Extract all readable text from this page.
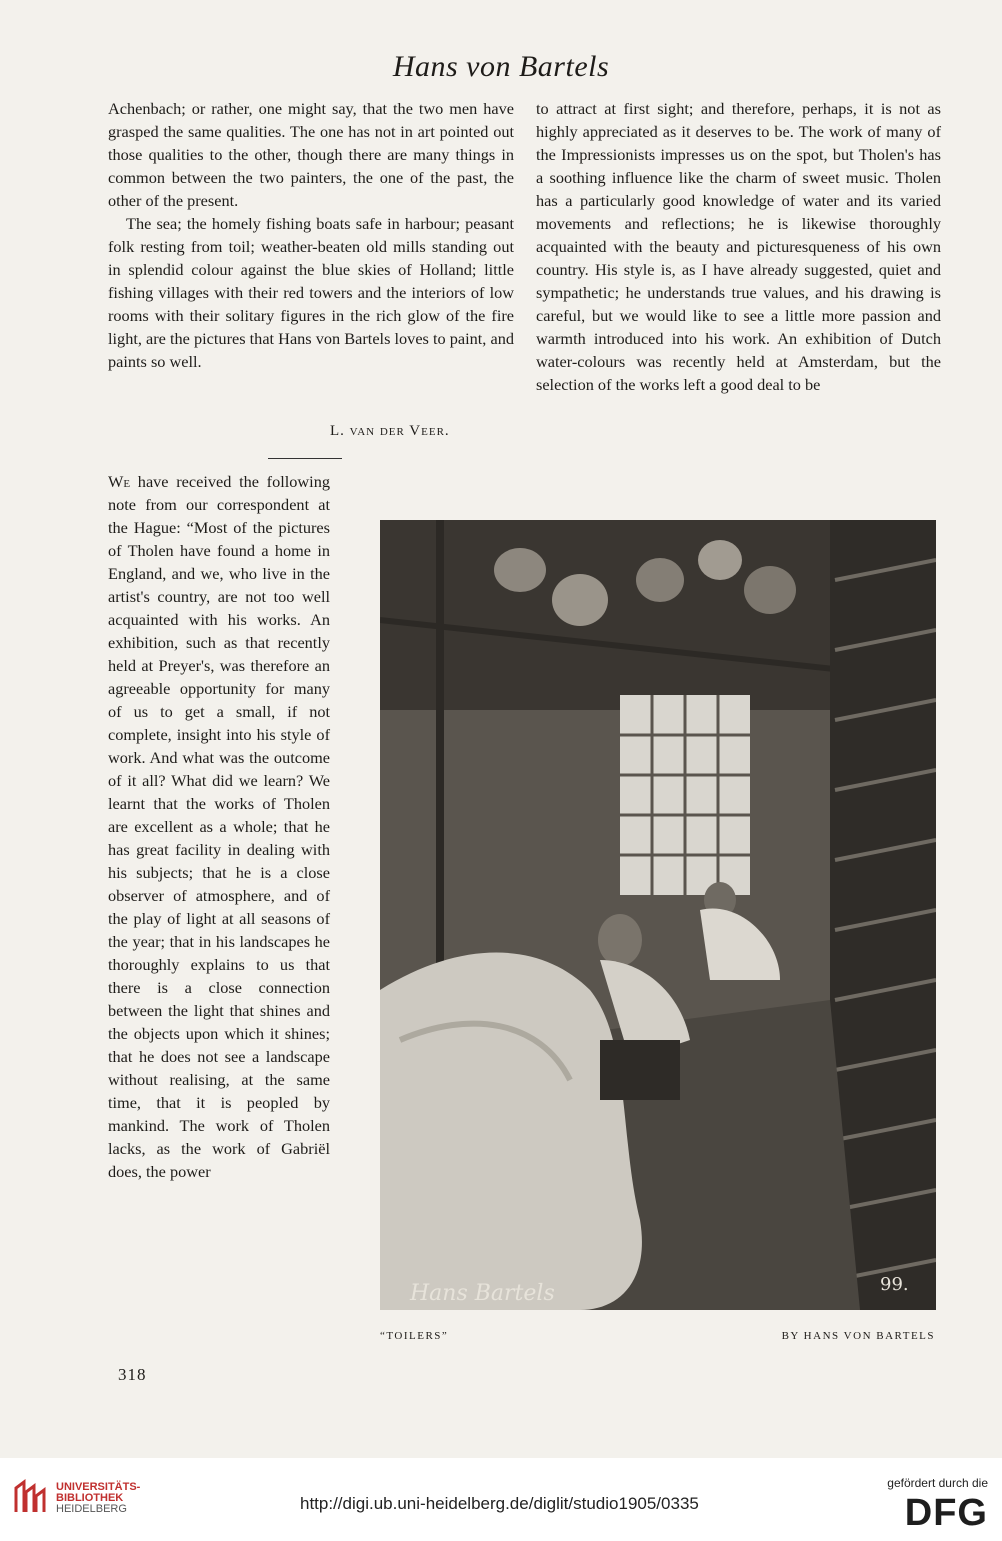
Hans von Bartels

Achenbach; or rather, one might say, that the two men have grasped the same qualities. The one has not in art pointed out those qualities to the other, though there are many things in common between the two painters, the one of the past, the other of the present.

The sea; the homely fishing boats safe in harbour; peasant folk resting from toil; weather-beaten old mills standing out in splendid colour against the blue skies of Holland; little fishing villages with their red towers and the interiors of low rooms with their solitary figures in the rich glow of the fire light, are the pictures that Hans von Bartels loves to paint, and paints so well.

L. van der Veer.

to attract at first sight; and therefore, perhaps, it is not as highly appreciated as it deserves to be. The work of many of the Impressionists impresses us on the spot, but Tholen's has a soothing influence like the charm of sweet music. Tholen has a particularly good knowledge of water and its varied movements and reflections; he is likewise thoroughly acquainted with the beauty and picturesqueness of his own country. His style is, as I have already suggested, quiet and sympathetic; he understands true values, and his drawing is careful, but we would like to see a little more passion and warmth introduced into his work. An exhibition of Dutch water-colours was recently held at Amsterdam, but the selection of the works left a good deal to be

We have received the following note from our correspondent at the Hague: “Most of the pictures of Tholen have found a home in England, and we, who live in the artist's country, are not too well acquainted with his works. An exhibition, such as that recently held at Preyer's, was therefore an agreeable opportunity for many of us to get a small, if not complete, insight into his style of work. And what was the outcome of it all? What did we learn? We learnt that the works of Tholen are excellent as a whole; that he has great facility in dealing with his subjects; that he is a close observer of atmosphere, and of the play of light at all seasons of the year; that in his landscapes he thoroughly explains to us that there is a close connection between the light that shines and the objects upon which it shines; that he does not see a landscape without realising, at the same time, that it is peopled by mankind. The work of Tholen lacks, as the work of Gabriël does, the power

Hans Bartels	99.
“TOILERS”	BY HANS VON BARTELS
318
UNIVERSITÄTS-
BIBLIOTHEK
HEIDELBERG	http://digi.ub.uni-heidelberg.de/diglit/studio1905/0335
gefördert durch die
DFG
